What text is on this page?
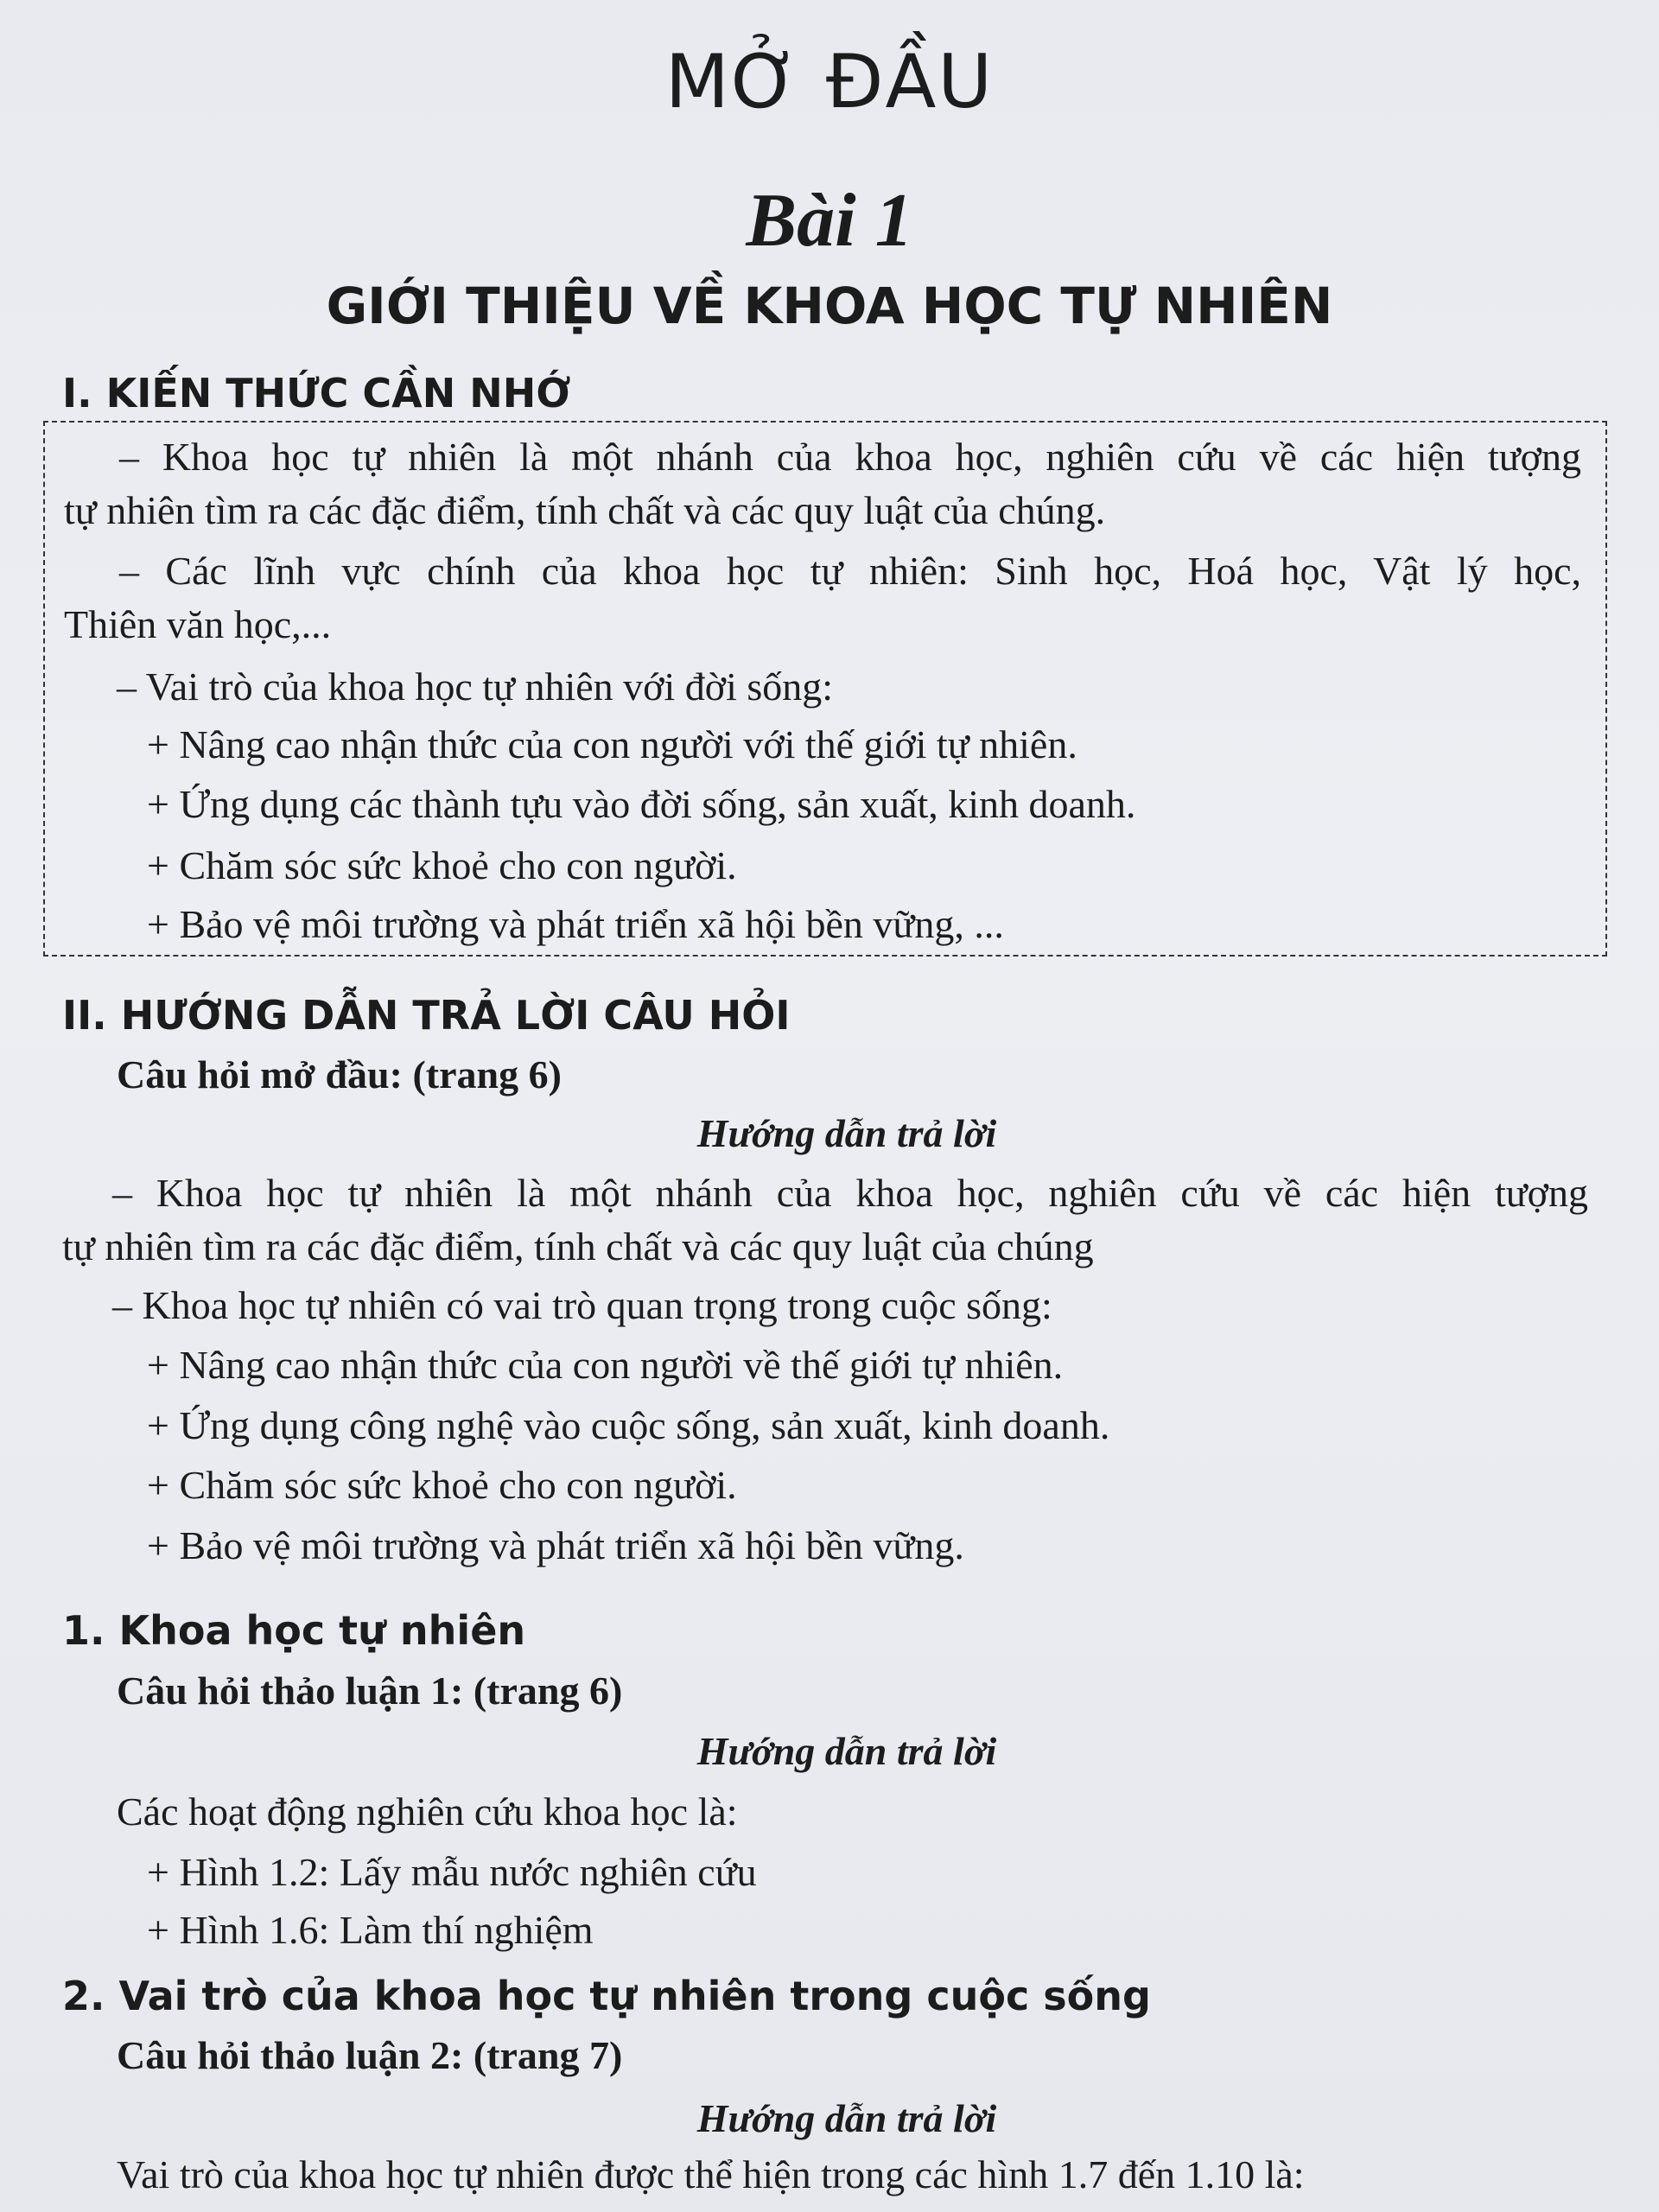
MỞ ĐẦU
Bài 1
GIỚI THIỆU VỀ KHOA HỌC TỰ NHIÊN
I. KIẾN THỨC CẦN NHỚ
– Khoa học tự nhiên là một nhánh của khoa học, nghiên cứu về các hiện tượng
tự nhiên tìm ra các đặc điểm, tính chất và các quy luật của chúng.
– Các lĩnh vực chính của khoa học tự nhiên: Sinh học, Hoá học, Vật lý học,
Thiên văn học,...
– Vai trò của khoa học tự nhiên với đời sống:
+ Nâng cao nhận thức của con người với thế giới tự nhiên.
+ Ứng dụng các thành tựu vào đời sống, sản xuất, kinh doanh.
+ Chăm sóc sức khoẻ cho con người.
+ Bảo vệ môi trường và phát triển xã hội bền vững, ...
II. HƯỚNG DẪN TRẢ LỜI CÂU HỎI
Câu hỏi mở đầu: (trang 6)
Hướng dẫn trả lời
– Khoa học tự nhiên là một nhánh của khoa học, nghiên cứu về các hiện tượng
tự nhiên tìm ra các đặc điểm, tính chất và các quy luật của chúng
– Khoa học tự nhiên có vai trò quan trọng trong cuộc sống:
+ Nâng cao nhận thức của con người về thế giới tự nhiên.
+ Ứng dụng công nghệ vào cuộc sống, sản xuất, kinh doanh.
+ Chăm sóc sức khoẻ cho con người.
+ Bảo vệ môi trường và phát triển xã hội bền vững.
1. Khoa học tự nhiên
Câu hỏi thảo luận 1: (trang 6)
Hướng dẫn trả lời
Các hoạt động nghiên cứu khoa học là:
+ Hình 1.2: Lấy mẫu nước nghiên cứu
+ Hình 1.6: Làm thí nghiệm
2. Vai trò của khoa học tự nhiên trong cuộc sống
Câu hỏi thảo luận 2: (trang 7)
Hướng dẫn trả lời
Vai trò của khoa học tự nhiên được thể hiện trong các hình 1.7 đến 1.10 là:
